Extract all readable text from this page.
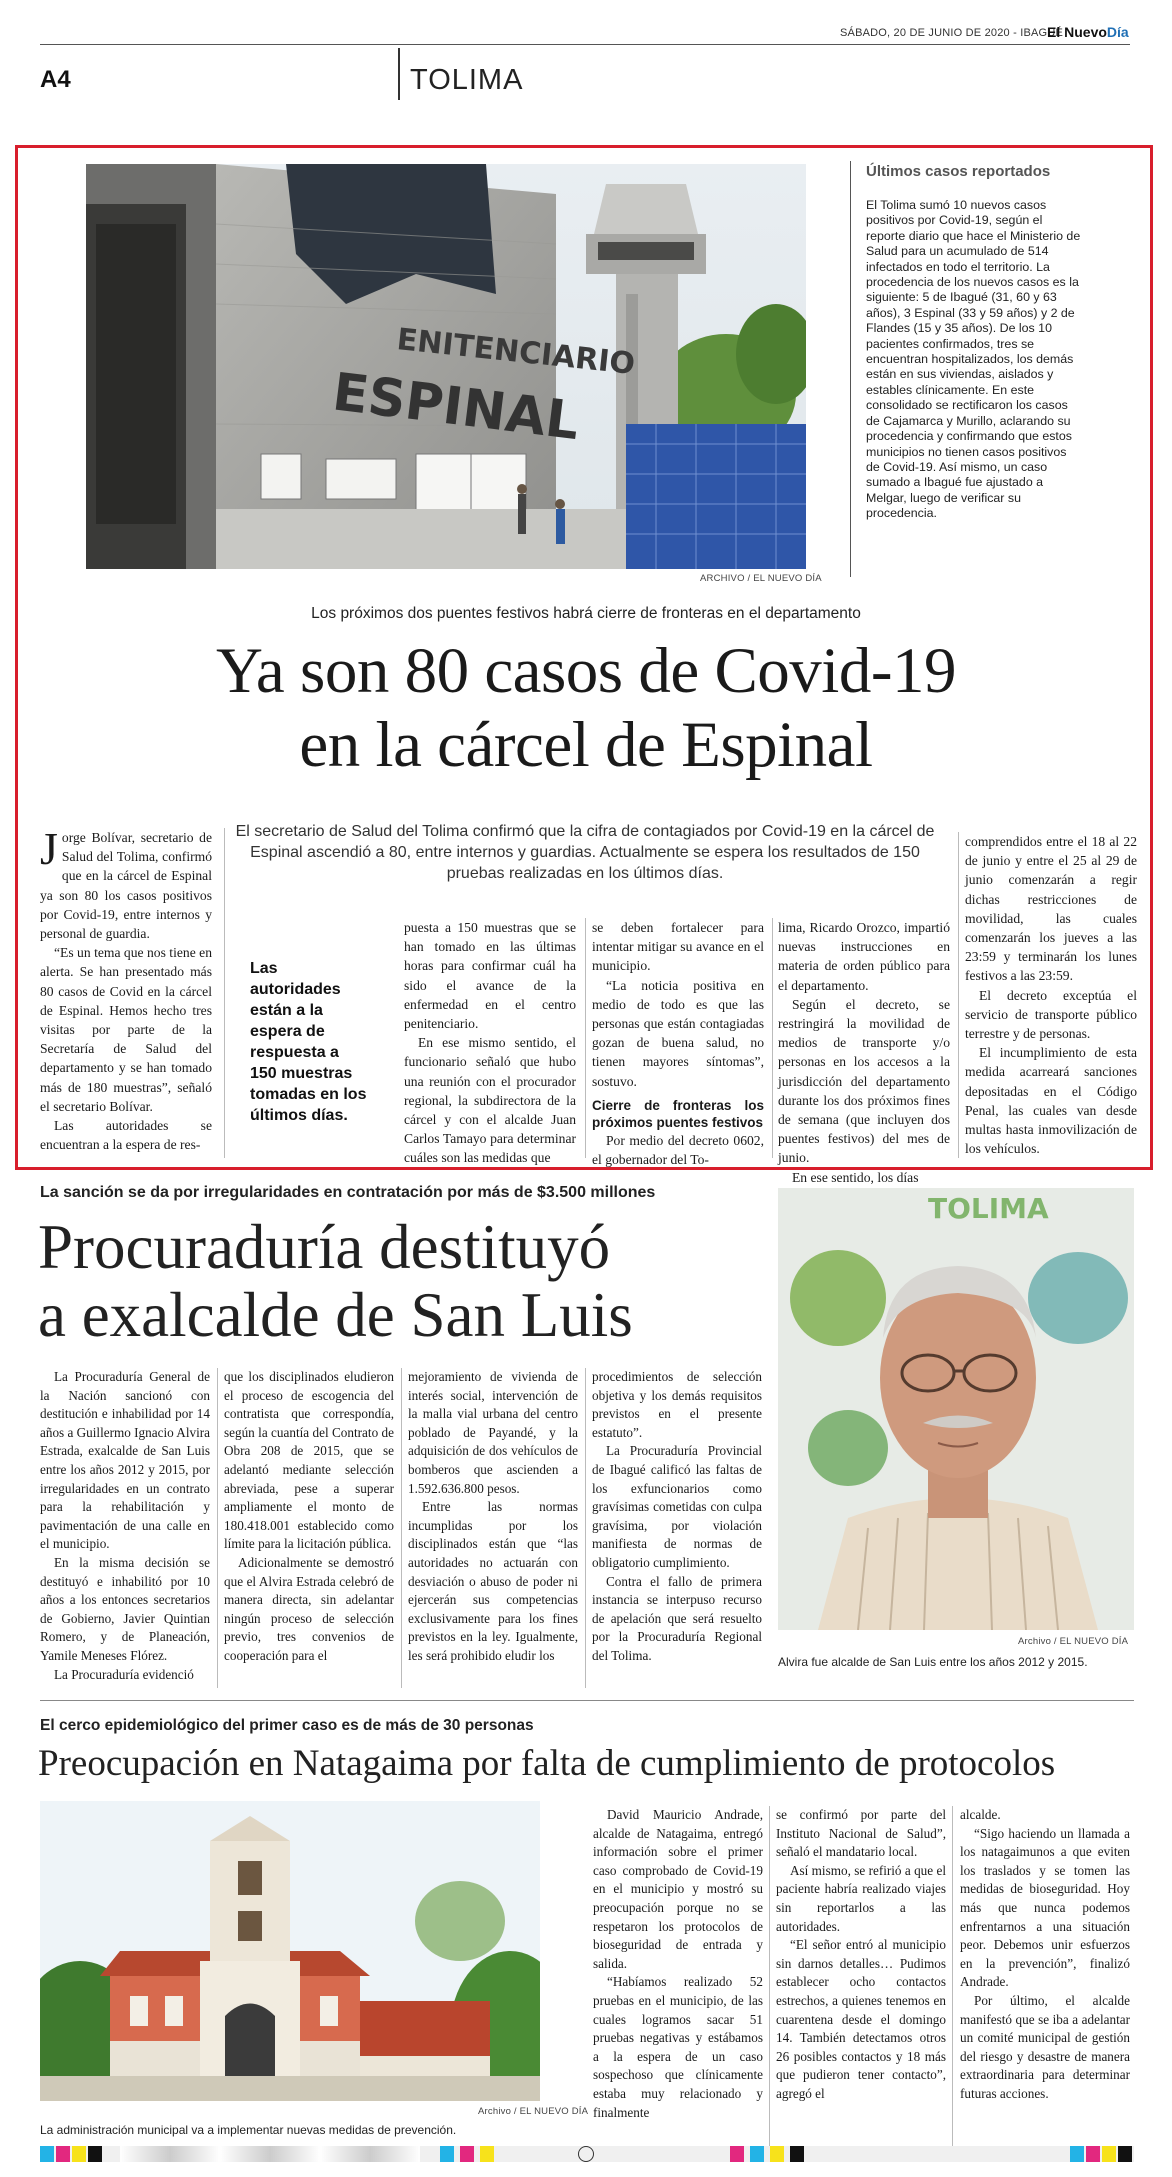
SÁBADO, 20 DE JUNIO DE 2020 - IBAGUÉ
El NuevoDía
A4	TOLIMA
ENITENCIARIO
ESPINAL
ARCHIVO / EL NUEVO DÍA
Últimos casos reportados
El Tolima sumó 10 nuevos casos positivos por Covid-19, según el reporte diario que hace el Ministerio de Salud para un acumulado de 514 infectados en todo el territorio. La procedencia de los nuevos casos es la siguiente: 5 de Ibagué (31, 60 y 63 años), 3 Espinal (33 y 59 años) y 2 de Flandes (15 y 35 años). De los 10 pacientes confirmados, tres se encuentran hospitalizados, los demás están en sus viviendas, aislados y estables clínicamente. En este consolidado se rectificaron los casos de Cajamarca y Murillo, aclarando su procedencia y confirmando que estos municipios no tienen casos positivos de Covid-19. Así mismo, un caso sumado a Ibagué fue ajustado a Melgar, luego de verificar su procedencia.
Los próximos dos puentes festivos habrá cierre de fronteras en el departamento
Ya son 80 casos de Covid-19
en la cárcel de Espinal
El secretario de Salud del Tolima confirmó que la cifra de contagiados por Covid-19 en la cárcel de Espinal ascendió a 80, entre internos y guardias. Actualmente se espera los resultados de 150 pruebas realizadas en los últimos días.

Jorge Bolívar, secretario de Salud del Tolima, confirmó que en la cárcel de Espinal ya son 80 los casos positivos por Covid-19, entre internos y personal de guardia.

“Es un tema que nos tiene en alerta. Se han presentado más 80 casos de Covid en la cárcel de Espinal. Hemos hecho tres visitas por parte de la Secretaría de Salud del departamento y se han tomado más de 180 muestras”, señaló el secretario Bolívar.

Las autoridades se encuentran a la espera de res-

Las autoridades están a la espera de respuesta a 150 muestras tomadas en los últimos días.

puesta a 150 muestras que se han tomado en las últimas horas para confirmar cuál ha sido el avance de la enfermedad en el centro penitenciario.

En ese mismo sentido, el funcionario señaló que hubo una reunión con el procurador regional, la subdirectora de la cárcel y con el alcalde Juan Carlos Tamayo para determinar cuáles son las medidas que

se deben fortalecer para intentar mitigar su avance en el municipio.

“La noticia positiva en medio de todo es que las personas que están contagiadas gozan de buena salud, no tienen mayores síntomas”, sostuvo.

Cierre de fronteras los próximos puentes festivos

Por medio del decreto 0602, el gobernador del To-

lima, Ricardo Orozco, impartió nuevas instrucciones en materia de orden público para el departamento.

Según el decreto, se restringirá la movilidad de medios de transporte y/o personas en los accesos a la jurisdicción del departamento durante los dos próximos fines de semana (que incluyen dos puentes festivos) del mes de junio.

En ese sentido, los días

comprendidos entre el 18 al 22 de junio y entre el 25 al 29 de junio comenzarán a regir dichas restricciones de movilidad, las cuales comenzarán los jueves a las 23:59 y terminarán los lunes festivos a las 23:59.

El decreto exceptúa el servicio de transporte público terrestre y de personas.

El incumplimiento de esta medida acarreará sanciones depositadas en el Código Penal, las cuales van desde multas hasta inmovilización de los vehículos.

La sanción se da por irregularidades en contratación por más de $3.500 millones
Procuraduría destituyó
a exalcalde de San Luis

La Procuraduría General de la Nación sancionó con destitución e inhabilidad por 14 años a Guillermo Ignacio Alvira Estrada, exalcalde de San Luis entre los años 2012 y 2015, por irregularidades en un contrato para la rehabilitación y pavimentación de una calle en el municipio.

En la misma decisión se destituyó e inhabilitó por 10 años a los entonces secretarios de Gobierno, Javier Quintian Romero, y de Planeación, Yamile Meneses Flórez.

La Procuraduría evidenció

que los disciplinados eludieron el proceso de escogencia del contratista que correspondía, según la cuantía del Contrato de Obra 208 de 2015, que se adelantó mediante selección abreviada, pese a superar ampliamente el monto de 180.418.001 establecido como límite para la licitación pública.

Adicionalmente se demostró que el Alvira Estrada celebró de manera directa, sin adelantar ningún proceso de selección previo, tres convenios de cooperación para el

mejoramiento de vivienda de interés social, intervención de la malla vial urbana del centro poblado de Payandé, y la adquisición de dos vehículos de bomberos que ascienden a 1.592.636.800 pesos.

Entre las normas incumplidas por los disciplinados están que “las autoridades no actuarán con desviación o abuso de poder ni ejercerán sus competencias exclusivamente para los fines previstos en la ley. Igualmente, les será prohibido eludir los

procedimientos de selección objetiva y los demás requisitos previstos en el presente estatuto”.

La Procuraduría Provincial de Ibagué calificó las faltas de los exfuncionarios como gravísimas cometidas con culpa gravísima, por violación manifiesta de normas de obligatorio cumplimiento.

Contra el fallo de primera instancia se interpuso recurso de apelación que será resuelto por la Procuraduría Regional del Tolima.

TOLIMA
Archivo / EL NUEVO DÍA
Alvira fue alcalde de San Luis entre los años 2012 y 2015.
El cerco epidemiológico del primer caso es de más de 30 personas
Preocupación en Natagaima por falta de cumplimiento de protocolos
Archivo / EL NUEVO DÍA
La administración municipal va a implementar nuevas medidas de prevención.

David Mauricio Andrade, alcalde de Natagaima, entregó información sobre el primer caso comprobado de Covid-19 en el municipio y mostró su preocupación porque no se respetaron los protocolos de bioseguridad de entrada y salida.

“Habíamos realizado 52 pruebas en el municipio, de las cuales logramos sacar 51 pruebas negativas y estábamos a la espera de un caso sospechoso que clínicamente estaba muy relacionado y finalmente

se confirmó por parte del Instituto Nacional de Salud”, señaló el mandatario local.

Así mismo, se refirió a que el paciente habría realizado viajes sin reportarlos a las autoridades.

“El señor entró al municipio sin darnos detalles… Pudimos establecer ocho contactos estrechos, a quienes tenemos en cuarentena desde el domingo 14. También detectamos otros 26 posibles contactos y 18 más que pudieron tener contacto”, agregó el

alcalde.

“Sigo haciendo un llamada a los natagaimunos a que eviten los traslados y se tomen las medidas de bioseguridad. Hoy más que nunca podemos enfrentarnos a una situación peor. Debemos unir esfuerzos en la prevención”, finalizó Andrade.

Por último, el alcalde manifestó que se iba a adelantar un comité municipal de gestión del riesgo y desastre de manera extraordinaria para determinar futuras acciones.
